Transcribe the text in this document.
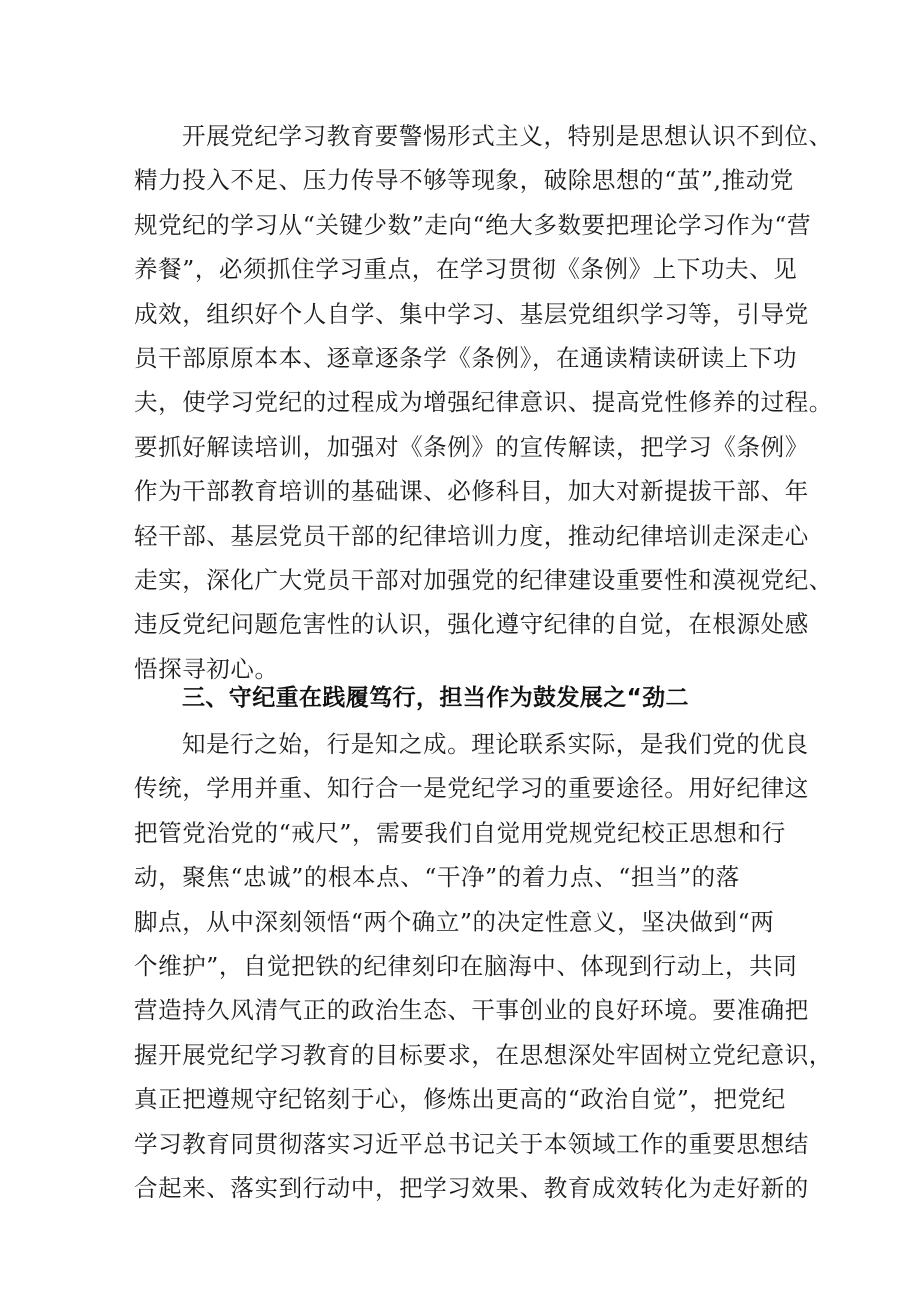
开展党纪学习教育要警惕形式主义，特别是思想认识不到位、
精力投入不足、压力传导不够等现象，破除思想的“茧”,推动党
规党纪的学习从“关键少数”走向“绝大多数要把理论学习作为“营
养餐”，必须抓住学习重点，在学习贯彻《条例》上下功夫、见
成效，组织好个人自学、集中学习、基层党组织学习等，引导党
员干部原原本本、逐章逐条学《条例》，在通读精读研读上下功
夫，使学习党纪的过程成为增强纪律意识、提高党性修养的过程。
要抓好解读培训，加强对《条例》的宣传解读，把学习《条例》
作为干部教育培训的基础课、必修科目，加大对新提拔干部、年
轻干部、基层党员干部的纪律培训力度，推动纪律培训走深走心
走实，深化广大党员干部对加强党的纪律建设重要性和漠视党纪、
违反党纪问题危害性的认识，强化遵守纪律的自觉，在根源处感
悟探寻初心。
三、守纪重在践履笃行，担当作为鼓发展之“劲二
知是行之始，行是知之成。理论联系实际，是我们党的优良
传统，学用并重、知行合一是党纪学习的重要途径。用好纪律这
把管党治党的“戒尺”，需要我们自觉用党规党纪校正思想和行
动，聚焦“忠诚”的根本点、“干净”的着力点、“担当”的落
脚点，从中深刻领悟“两个确立”的决定性意义，坚决做到“两
个维护”，自觉把铁的纪律刻印在脑海中、体现到行动上，共同
营造持久风清气正的政治生态、干事创业的良好环境。要准确把
握开展党纪学习教育的目标要求，在思想深处牢固树立党纪意识，
真正把遵规守纪铭刻于心，修炼出更高的“政治自觉”，把党纪
学习教育同贯彻落实习近平总书记关于本领域工作的重要思想结
合起来、落实到行动中，把学习效果、教育成效转化为走好新的
